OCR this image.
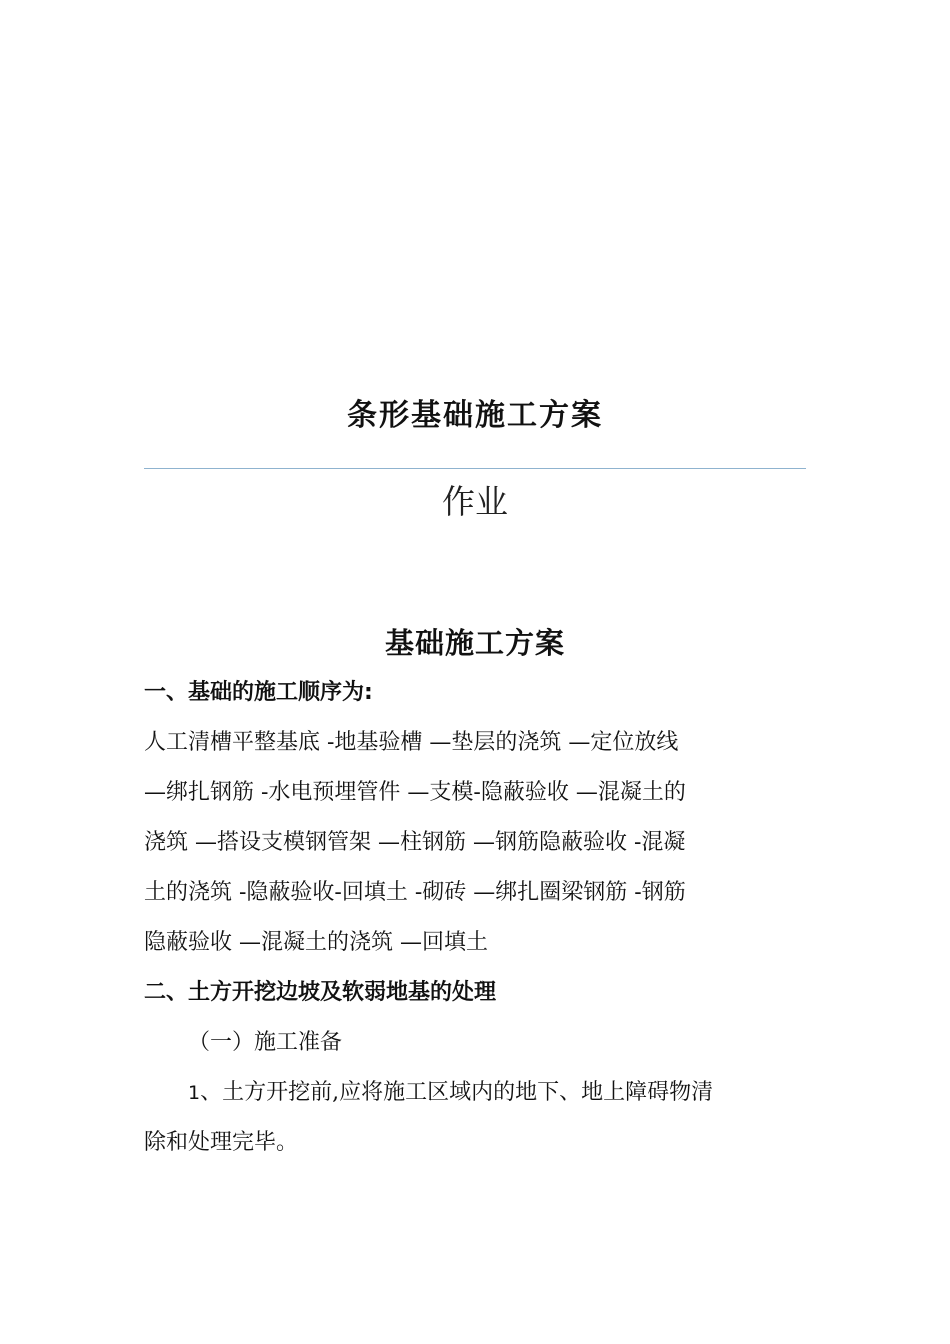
条形基础施工方案
作业
基础施工方案
一、基础的施工顺序为:
人工清槽平整基底 -地基验槽 —垫层的浇筑 —定位放线
—绑扎钢筋 -水电预埋管件 —支模-隐蔽验收 —混凝土的
浇筑 —搭设支模钢管架 —柱钢筋 —钢筋隐蔽验收 -混凝
土的浇筑 -隐蔽验收-回填土 -砌砖 —绑扎圈梁钢筋 -钢筋
隐蔽验收 —混凝土的浇筑 —回填土
二、土方开挖边坡及软弱地基的处理
（一）施工准备
1、土方开挖前,应将施工区域内的地下、地上障碍物清
除和处理完毕。
